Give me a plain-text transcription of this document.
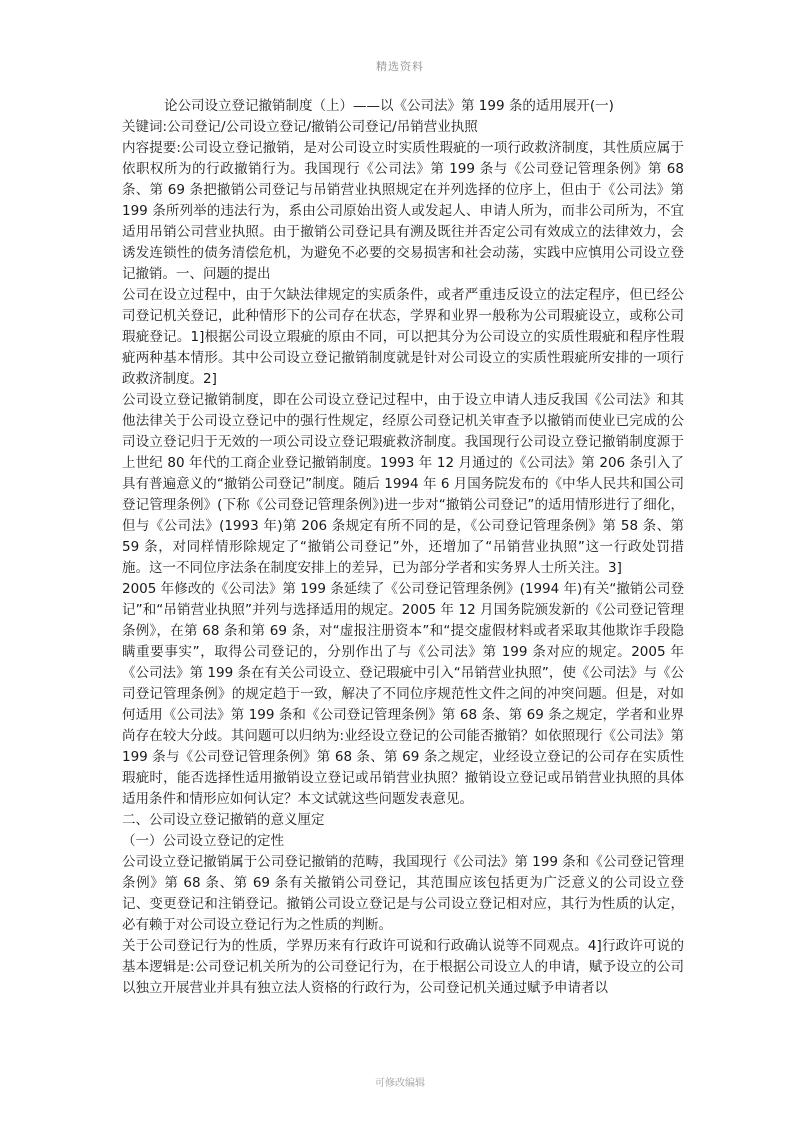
精选资料

论公司设立登记撤销制度（上）——以《公司法》第 199 条的适用展开(一)

关键词:公司登记/公司设立登记/撤销公司登记/吊销营业执照

内容提要:公司设立登记撤销，是对公司设立时实质性瑕疵的一项行政救济制度，其性质应属于依职权所为的行政撤销行为。我国现行《公司法》第 199 条与《公司登记管理条例》第 68 条、第 69 条把撤销公司登记与吊销营业执照规定在并列选择的位序上，但由于《公司法》第 199 条所列举的违法行为，系由公司原始出资人或发起人、申请人所为，而非公司所为，不宜适用吊销公司营业执照。由于撤销公司登记具有溯及既往并否定公司有效成立的法律效力，会诱发连锁性的债务清偿危机，为避免不必要的交易损害和社会动荡，实践中应慎用公司设立登记撤销。一、问题的提出

公司在设立过程中，由于欠缺法律规定的实质条件，或者严重违反设立的法定程序，但已经公司登记机关登记，此种情形下的公司存在状态，学界和业界一般称为公司瑕疵设立，或称公司瑕疵登记。1]根据公司设立瑕疵的原由不同，可以把其分为公司设立的实质性瑕疵和程序性瑕疵两种基本情形。其中公司设立登记撤销制度就是针对公司设立的实质性瑕疵所安排的一项行政救济制度。2]

公司设立登记撤销制度，即在公司设立登记过程中，由于设立申请人违反我国《公司法》和其他法律关于公司设立登记中的强行性规定，经原公司登记机关审查予以撤销而使业已完成的公司设立登记归于无效的一项公司设立登记瑕疵救济制度。我国现行公司设立登记撤销制度源于上世纪 80 年代的工商企业登记撤销制度。1993 年 12 月通过的《公司法》第 206 条引入了具有普遍意义的“撤销公司登记”制度。随后 1994 年 6 月国务院发布的《中华人民共和国公司登记管理条例》(下称《公司登记管理条例》)进一步对“撤销公司登记”的适用情形进行了细化，但与《公司法》(1993 年)第 206 条规定有所不同的是，《公司登记管理条例》第 58 条、第 59 条，对同样情形除规定了“撤销公司登记”外，还增加了“吊销营业执照”这一行政处罚措施。这一不同位序法条在制度安排上的差异，已为部分学者和实务界人士所关注。3]

2005 年修改的《公司法》第 199 条延续了《公司登记管理条例》(1994 年)有关“撤销公司登记”和“吊销营业执照”并列与选择适用的规定。2005 年 12 月国务院颁发新的《公司登记管理条例》，在第 68 条和第 69 条，对“虚报注册资本”和“提交虚假材料或者采取其他欺诈手段隐瞒重要事实”，取得公司登记的，分别作出了与《公司法》第 199 条对应的规定。2005 年《公司法》第 199 条在有关公司设立、登记瑕疵中引入“吊销营业执照”，使《公司法》与《公司登记管理条例》的规定趋于一致，解决了不同位序规范性文件之间的冲突问题。但是，对如何适用《公司法》第 199 条和《公司登记管理条例》第 68 条、第 69 条之规定，学者和业界尚存在较大分歧。其问题可以归纳为:业经设立登记的公司能否撤销？如依照现行《公司法》第 199 条与《公司登记管理条例》第 68 条、第 69 条之规定，业经设立登记的公司存在实质性瑕疵时，能否选择性适用撤销设立登记或吊销营业执照？撤销设立登记或吊销营业执照的具体适用条件和情形应如何认定？本文试就这些问题发表意见。

二、公司设立登记撤销的意义厘定

（一）公司设立登记的定性

公司设立登记撤销属于公司登记撤销的范畴，我国现行《公司法》第 199 条和《公司登记管理条例》第 68 条、第 69 条有关撤销公司登记，其范围应该包括更为广泛意义的公司设立登记、变更登记和注销登记。撤销公司设立登记是与公司设立登记相对应，其行为性质的认定，必有赖于对公司设立登记行为之性质的判断。

关于公司登记行为的性质，学界历来有行政许可说和行政确认说等不同观点。4]行政许可说的基本逻辑是:公司登记机关所为的公司登记行为，在于根据公司设立人的申请，赋予设立的公司以独立开展营业并具有独立法人资格的行政行为，公司登记机关通过赋予申请者以

可修改编辑
